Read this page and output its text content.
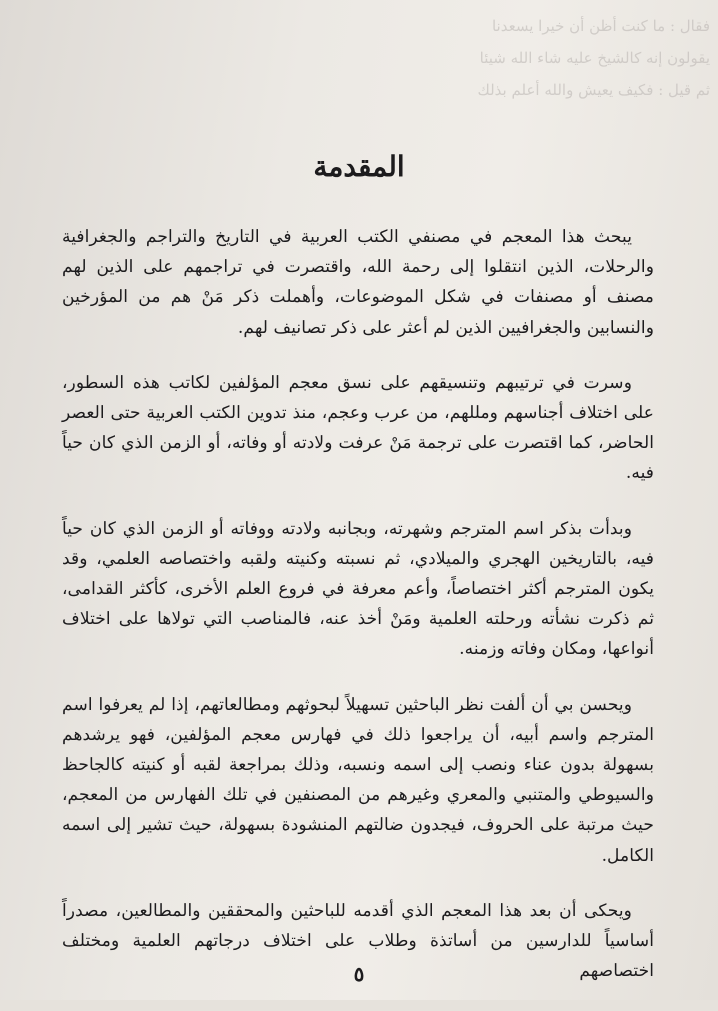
فقال : ما كنت أظن أن خيرا يسعدنا
يقولون إنه كالشيخ عليه شاء الله شيئا
ثم قيل : فكيف يعيش والله أعلم بذلك
المقدمة

يبحث هذا المعجم في مصنفي الكتب العربية في التاريخ والتراجم والجغرافية والرحلات، الذين انتقلوا إلى رحمة الله، واقتصرت في تراجمهم على الذين لهم مصنف أو مصنفات في شكل الموضوعات، وأهملت ذكر مَنْ هم من المؤرخين والنسابين والجغرافيين الذين لم أعثر على ذكر تصانيف لهم.

وسرت في ترتيبهم وتنسيقهم على نسق معجم المؤلفين لكاتب هذه السطور، على اختلاف أجناسهم ومللهم، من عرب وعجم، منذ تدوين الكتب العربية حتى العصر الحاضر، كما اقتصرت على ترجمة مَنْ عرفت ولادته أو وفاته، أو الزمن الذي كان حياً فيه.

وبدأت بذكر اسم المترجم وشهرته، وبجانبه ولادته ووفاته أو الزمن الذي كان حياً فيه، بالتاريخين الهجري والميلادي، ثم نسبته وكنيته ولقبه واختصاصه العلمي، وقد يكون المترجم أكثر اختصاصاً، وأعم معرفة في فروع العلم الأخرى، كأكثر القدامى، ثم ذكرت نشأته ورحلته العلمية ومَنْ أخذ عنه، فالمناصب التي تولاها على اختلاف أنواعها، ومكان وفاته وزمنه.

ويحسن بي أن ألفت نظر الباحثين تسهيلاً لبحوثهم ومطالعاتهم، إذا لم يعرفوا اسم المترجم واسم أبيه، أن يراجعوا ذلك في فهارس معجم المؤلفين، فهو يرشدهم بسهولة بدون عناء ونصب إلى اسمه ونسبه، وذلك بمراجعة لقبه أو كنيته كالجاحظ والسيوطي والمتنبي والمعري وغيرهم من المصنفين في تلك الفهارس من المعجم، حيث مرتبة على الحروف، فيجدون ضالتهم المنشودة بسهولة، حيث تشير إلى اسمه الكامل.

ويحكى أن بعد هذا المعجم الذي أقدمه للباحثين والمحققين والمطالعين، مصدراً أساسياً للدارسين من أساتذة وطلاب على اختلاف درجاتهم العلمية ومختلف اختصاصهم

٥
